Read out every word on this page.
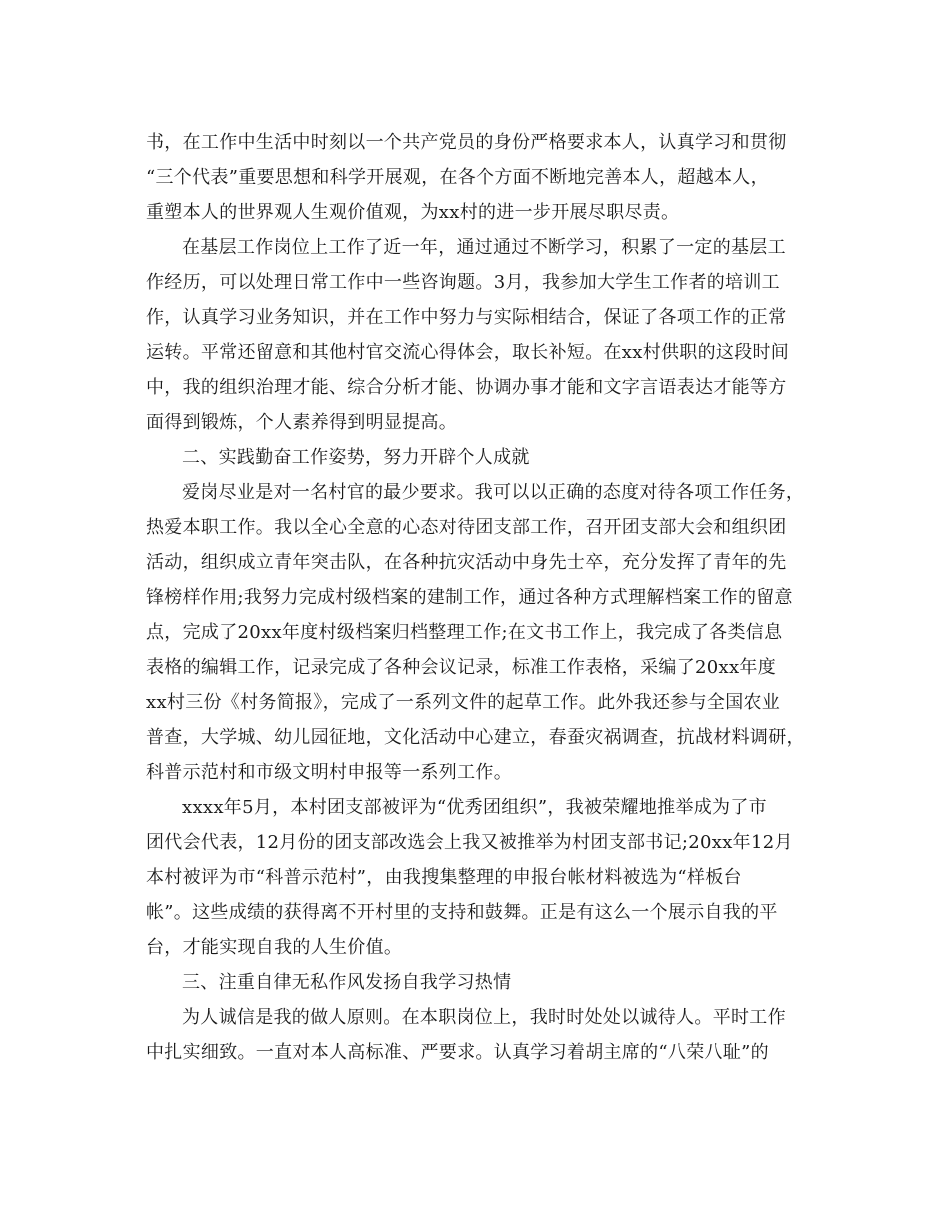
书，在工作中生活中时刻以一个共产党员的身份严格要求本人，认真学习和贯彻
“三个代表”重要思想和科学开展观，在各个方面不断地完善本人，超越本人，
重塑本人的世界观人生观价值观，为xx村的进一步开展尽职尽责。
在基层工作岗位上工作了近一年，通过通过不断学习，积累了一定的基层工
作经历，可以处理日常工作中一些咨询题。3月，我参加大学生工作者的培训工
作，认真学习业务知识，并在工作中努力与实际相结合，保证了各项工作的正常
运转。平常还留意和其他村官交流心得体会，取长补短。在xx村供职的这段时间
中，我的组织治理才能、综合分析才能、协调办事才能和文字言语表达才能等方
面得到锻炼，个人素养得到明显提高。
二、实践勤奋工作姿势，努力开辟个人成就
爱岗尽业是对一名村官的最少要求。我可以以正确的态度对待各项工作任务，
热爱本职工作。我以全心全意的心态对待团支部工作，召开团支部大会和组织团
活动，组织成立青年突击队，在各种抗灾活动中身先士卒，充分发挥了青年的先
锋榜样作用;我努力完成村级档案的建制工作，通过各种方式理解档案工作的留意
点，完成了20xx年度村级档案归档整理工作;在文书工作上，我完成了各类信息
表格的编辑工作，记录完成了各种会议记录，标准工作表格，采编了20xx年度
xx村三份《村务简报》，完成了一系列文件的起草工作。此外我还参与全国农业
普查，大学城、幼儿园征地，文化活动中心建立，春蚕灾祸调查，抗战材料调研，
科普示范村和市级文明村申报等一系列工作。
xxxx年5月，本村团支部被评为“优秀团组织”，我被荣耀地推举成为了市
团代会代表，12月份的团支部改选会上我又被推举为村团支部书记;20xx年12月
本村被评为市“科普示范村”，由我搜集整理的申报台帐材料被选为“样板台
帐”。这些成绩的获得离不开村里的支持和鼓舞。正是有这么一个展示自我的平
台，才能实现自我的人生价值。
三、注重自律无私作风发扬自我学习热情
为人诚信是我的做人原则。在本职岗位上，我时时处处以诚待人。平时工作
中扎实细致。一直对本人高标准、严要求。认真学习着胡主席的“八荣八耻”的
